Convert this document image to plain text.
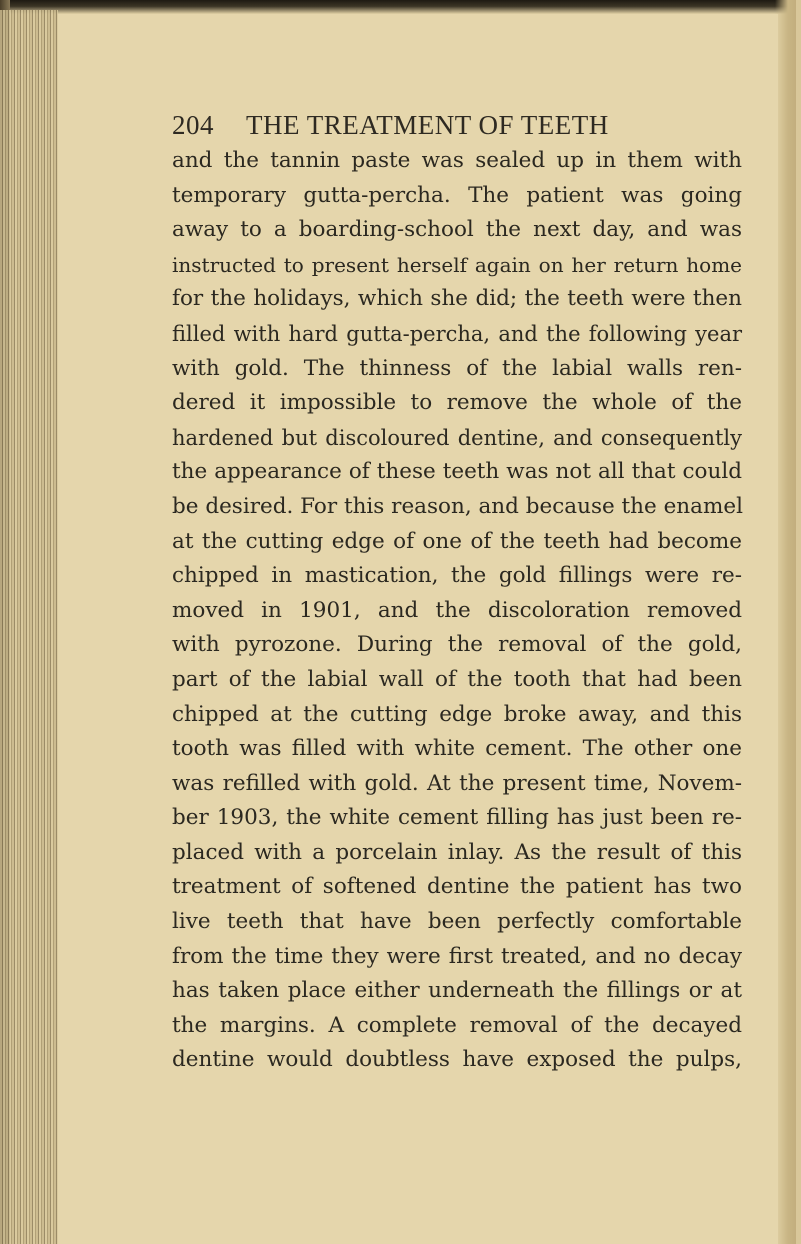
204 THE TREATMENT OF TEETH
and the tannin paste was sealed up in them with
temporary gutta-percha. The patient was going
away to a boarding-school the next day, and was
instructed to present herself again on her return home
for the holidays, which she did; the teeth were then
filled with hard gutta-percha, and the following year
with gold. The thinness of the labial walls ren-
dered it impossible to remove the whole of the
hardened but discoloured dentine, and consequently
the appearance of these teeth was not all that could
be desired. For this reason, and because the enamel
at the cutting edge of one of the teeth had become
chipped in mastication, the gold fillings were re-
moved in 1901, and the discoloration removed
with pyrozone. During the removal of the gold,
part of the labial wall of the tooth that had been
chipped at the cutting edge broke away, and this
tooth was filled with white cement. The other one
was refilled with gold. At the present time, Novem-
ber 1903, the white cement filling has just been re-
placed with a porcelain inlay. As the result of this
treatment of softened dentine the patient has two
live teeth that have been perfectly comfortable
from the time they were first treated, and no decay
has taken place either underneath the fillings or at
the margins. A complete removal of the decayed
dentine would doubtless have exposed the pulps,
